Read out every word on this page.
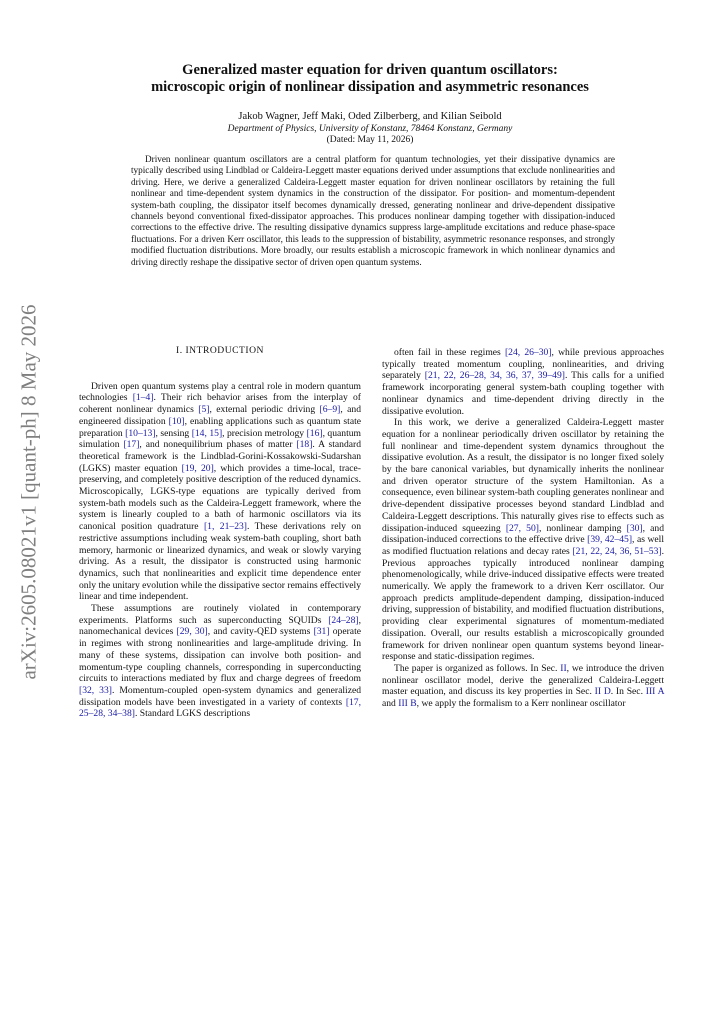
arXiv:2605.08021v1 [quant-ph] 8 May 2026
Generalized master equation for driven quantum oscillators:
microscopic origin of nonlinear dissipation and asymmetric resonances
Jakob Wagner, Jeff Maki, Oded Zilberberg, and Kilian Seibold
Department of Physics, University of Konstanz, 78464 Konstanz, Germany
(Dated: May 11, 2026)

Driven nonlinear quantum oscillators are a central platform for quantum technologies, yet their dissipative dynamics are typically described using Lindblad or Caldeira-Leggett master equations derived under assumptions that exclude nonlinearities and driving. Here, we derive a generalized Caldeira-Leggett master equation for driven nonlinear oscillators by retaining the full nonlinear and time-dependent system dynamics in the construction of the dissipator. For position- and momentum-dependent system-bath coupling, the dissipator itself becomes dynamically dressed, generating nonlinear and drive-dependent dissipative channels beyond conventional fixed-dissipator approaches. This produces nonlinear damping together with dissipation-induced corrections to the effective drive. The resulting dissipative dynamics suppress large-amplitude excitations and reduce phase-space fluctuations. For a driven Kerr oscillator, this leads to the suppression of bistability, asymmetric resonance responses, and strongly modified fluctuation distributions. More broadly, our results establish a microscopic framework in which nonlinear dynamics and driving directly reshape the dissipative sector of driven open quantum systems.

I. INTRODUCTION

Driven open quantum systems play a central role in modern quantum technologies [1–4]. Their rich behavior arises from the interplay of coherent nonlinear dynamics [5], external periodic driving [6–9], and engineered dissipation [10], enabling applications such as quantum state preparation [10–13], sensing [14, 15], precision metrology [16], quantum simulation [17], and nonequilibrium phases of matter [18]. A standard theoretical framework is the Lindblad-Gorini-Kossakowski-Sudarshan (LGKS) master equation [19, 20], which provides a time-local, trace-preserving, and completely positive description of the reduced dynamics. Microscopically, LGKS-type equations are typically derived from system-bath models such as the Caldeira-Leggett framework, where the system is linearly coupled to a bath of harmonic oscillators via its canonical position quadrature [1, 21–23]. These derivations rely on restrictive assumptions including weak system-bath coupling, short bath memory, harmonic or linearized dynamics, and weak or slowly varying driving. As a result, the dissipator is constructed using harmonic dynamics, such that nonlinearities and explicit time dependence enter only the unitary evolution while the dissipative sector remains effectively linear and time independent.

These assumptions are routinely violated in contemporary experiments. Platforms such as superconducting SQUIDs [24–28], nanomechanical devices [29, 30], and cavity-QED systems [31] operate in regimes with strong nonlinearities and large-amplitude driving. In many of these systems, dissipation can involve both position- and momentum-type coupling channels, corresponding in superconducting circuits to interactions mediated by flux and charge degrees of freedom [32, 33]. Momentum-coupled open-system dynamics and generalized dissipation models have been investigated in a variety of contexts [17, 25–28, 34–38]. Standard LGKS descriptions

often fail in these regimes [24, 26–30], while previous approaches typically treated momentum coupling, nonlinearities, and driving separately [21, 22, 26–28, 34, 36, 37, 39–49]. This calls for a unified framework incorporating general system-bath coupling together with nonlinear dynamics and time-dependent driving directly in the dissipative evolution.

In this work, we derive a generalized Caldeira-Leggett master equation for a nonlinear periodically driven oscillator by retaining the full nonlinear and time-dependent system dynamics throughout the dissipative evolution. As a result, the dissipator is no longer fixed solely by the bare canonical variables, but dynamically inherits the nonlinear and driven operator structure of the system Hamiltonian. As a consequence, even bilinear system-bath coupling generates nonlinear and drive-dependent dissipative processes beyond standard Lindblad and Caldeira-Leggett descriptions. This naturally gives rise to effects such as dissipation-induced squeezing [27, 50], nonlinear damping [30], and dissipation-induced corrections to the effective drive [39, 42–45], as well as modified fluctuation relations and decay rates [21, 22, 24, 36, 51–53]. Previous approaches typically introduced nonlinear damping phenomenologically, while drive-induced dissipative effects were treated numerically. We apply the framework to a driven Kerr oscillator. Our approach predicts amplitude-dependent damping, dissipation-induced driving, suppression of bistability, and modified fluctuation distributions, providing clear experimental signatures of momentum-mediated dissipation. Overall, our results establish a microscopically grounded framework for driven nonlinear open quantum systems beyond linear-response and static-dissipation regimes.

The paper is organized as follows. In Sec. II, we introduce the driven nonlinear oscillator model, derive the generalized Caldeira-Leggett master equation, and discuss its key properties in Sec. II D. In Sec. III A and III B, we apply the formalism to a Kerr nonlinear oscillator
